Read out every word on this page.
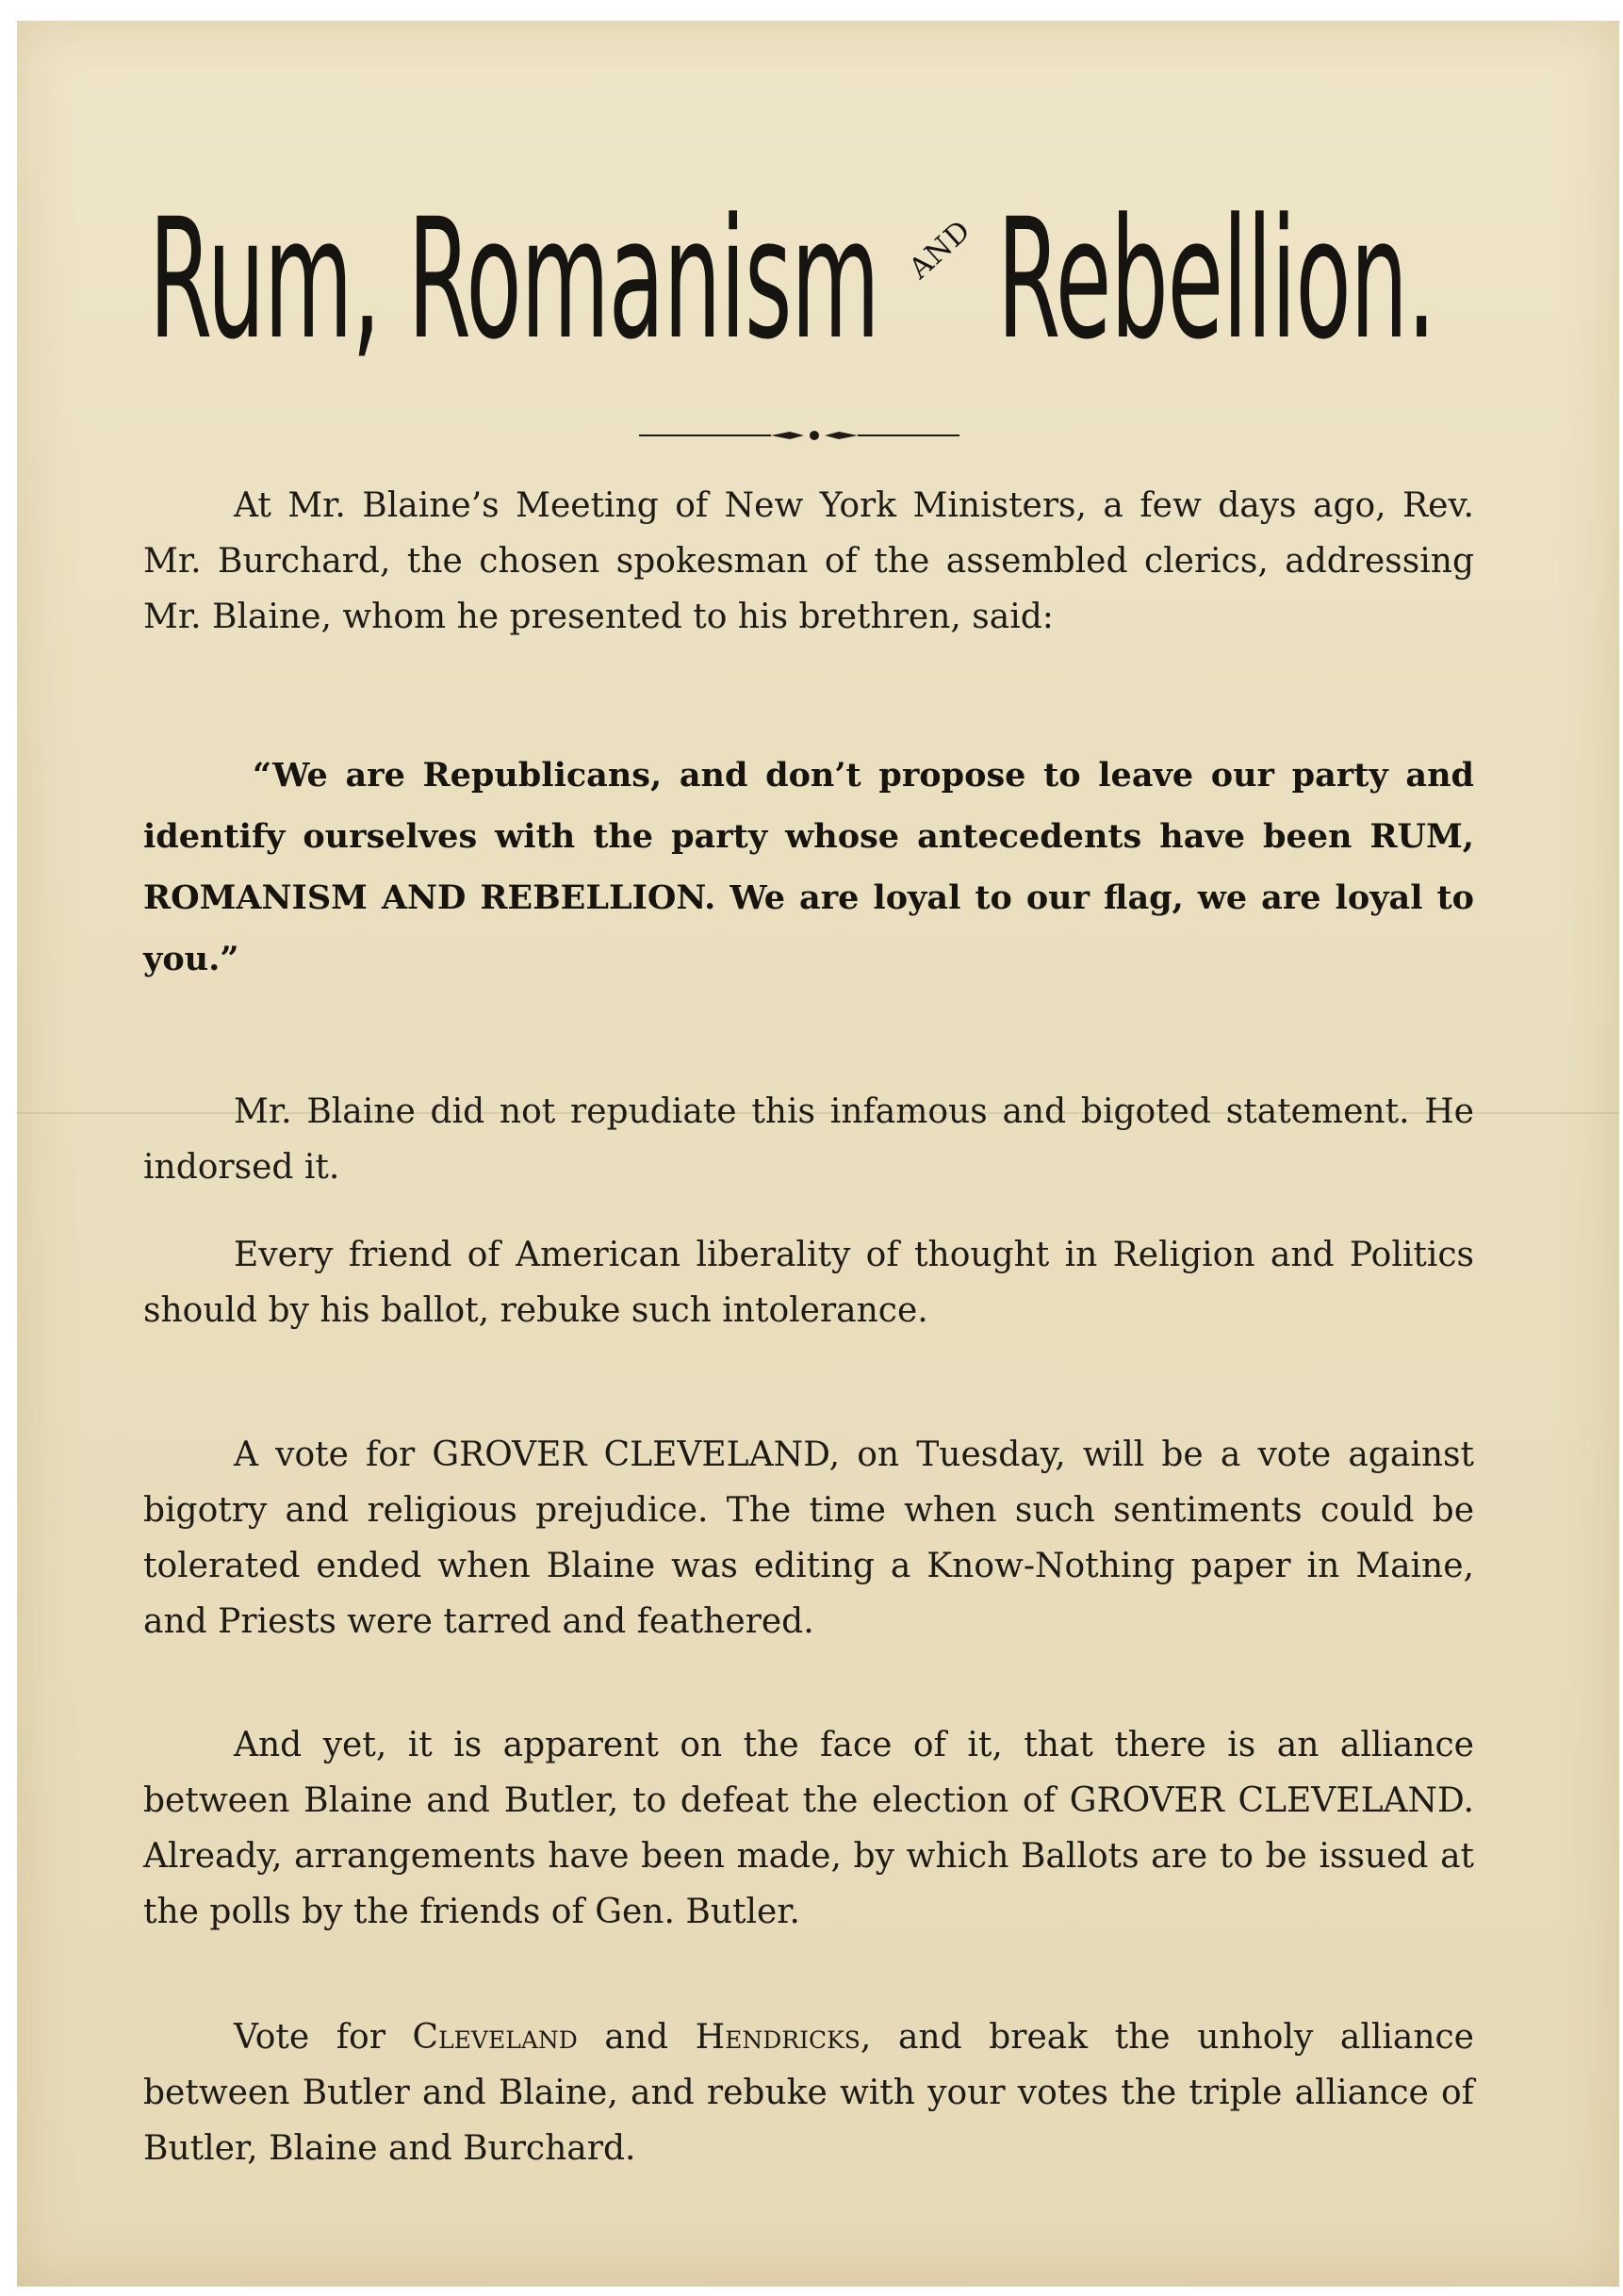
Rum, Romanism AND Rebellion.

At Mr. Blaine’s Meeting of New York Ministers, a few days ago, Rev. Mr. Burchard, the chosen spokesman of the assembled clerics, addressing Mr. Blaine, whom he presented to his brethren, said:

“We are Republicans, and don’t propose to leave our party and identify ourselves with the party whose antecedents have been RUM, ROMANISM AND REBELLION. We are loyal to our flag, we are loyal to you.”

Mr. Blaine did not repudiate this infamous and bigoted statement. He indorsed it.

Every friend of American liberality of thought in Religion and Politics should by his ballot, rebuke such intolerance.

A vote for GROVER CLEVELAND, on Tuesday, will be a vote against bigotry and religious prejudice. The time when such sentiments could be tolerated ended when Blaine was editing a Know-Nothing paper in Maine, and Priests were tarred and feathered.

And yet, it is apparent on the face of it, that there is an alliance between Blaine and Butler, to defeat the election of GROVER CLEVELAND. Already, arrangements have been made, by which Ballots are to be issued at the polls by the friends of Gen. Butler.

Vote for Cleveland and Hendricks, and break the unholy alliance between Butler and Blaine, and rebuke with your votes the triple alliance of Butler, Blaine and Burchard.
